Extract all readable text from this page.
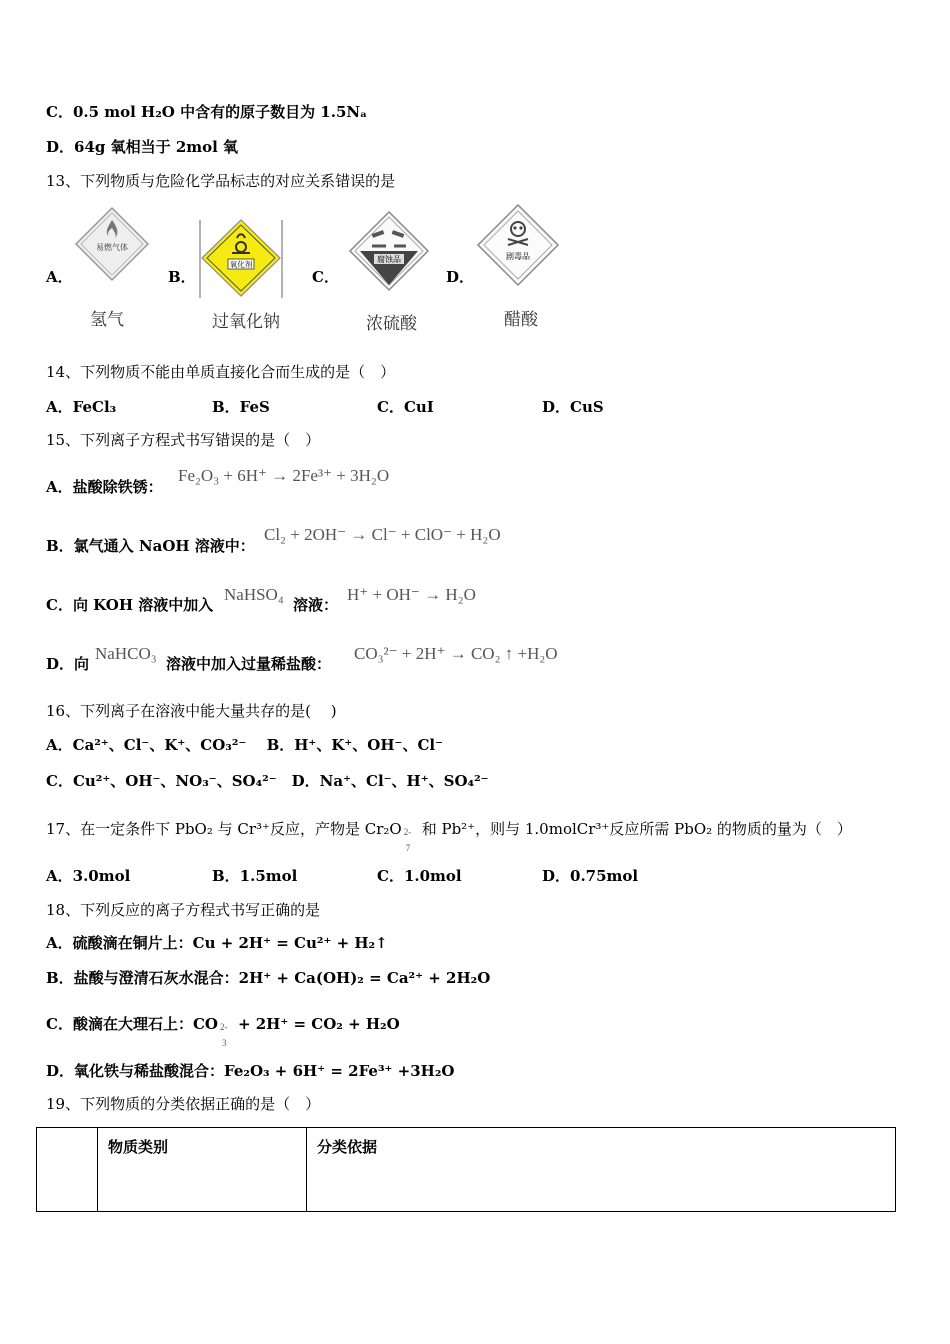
C．0.5 mol H₂O 中含有的原子数目为 1.5Nₐ
D．64g 氧相当于 2mol 氧
13、下列物质与危险化学品标志的对应关系错误的是
A．	B．	C．	D．
易燃气体
氧化剂
腐蚀品	剧毒品
氢气	过氧化钠	浓硫酸	醋酸
14、下列物质不能由单质直接化合而生成的是（　）
A．FeCl₃	B．FeS	C．CuI	D．CuS
15、下列离子方程式书写错误的是（　）
A．盐酸除铁锈：
Fe₂O₃ + 6H⁺ → 2Fe³⁺ + 3H₂O
B．氯气通入 NaOH 溶液中：
Cl₂ + 2OH⁻ → Cl⁻ + ClO⁻ + H₂O
C．向 KOH 溶液中加入
NaHSO₄
溶液：
H⁺ + OH⁻ → H₂O
D．向
NaHCO₃
溶液中加入过量稀盐酸：
CO₃²⁻ + 2H⁺ → CO₂ ↑ +H₂O
16、下列离子在溶液中能大量共存的是(　 )
A．Ca²⁺、Cl⁻、K⁺、CO₃²⁻　 B．H⁺、K⁺、OH⁻、Cl⁻
C．Cu²⁺、OH⁻、NO₃⁻、SO₄²⁻　D．Na⁺、Cl⁻、H⁺、SO₄²⁻
17、在一定条件下 PbO₂ 与 Cr³⁺反应，产物是 Cr₂O 2-
7
和 Pb²⁺，则与 1.0molCr³⁺反应所需 PbO₂ 的物质的量为（　）
A．3.0mol	B．1.5mol	C．1.0mol	D．0.75mol
18、下列反应的离子方程式书写正确的是
A．硫酸滴在铜片上：Cu + 2H⁺ = Cu²⁺ + H₂↑
B．盐酸与澄清石灰水混合：2H⁺ + Ca(OH)₂ = Ca²⁺ + 2H₂O
C．酸滴在大理石上：CO 2-
3
+ 2H⁺ = CO₂ + H₂O
D．氧化铁与稀盐酸混合：Fe₂O₃ + 6H⁺ = 2Fe³⁺ +3H₂O
19、下列物质的分类依据正确的是（　）
	物质类别	分类依据
